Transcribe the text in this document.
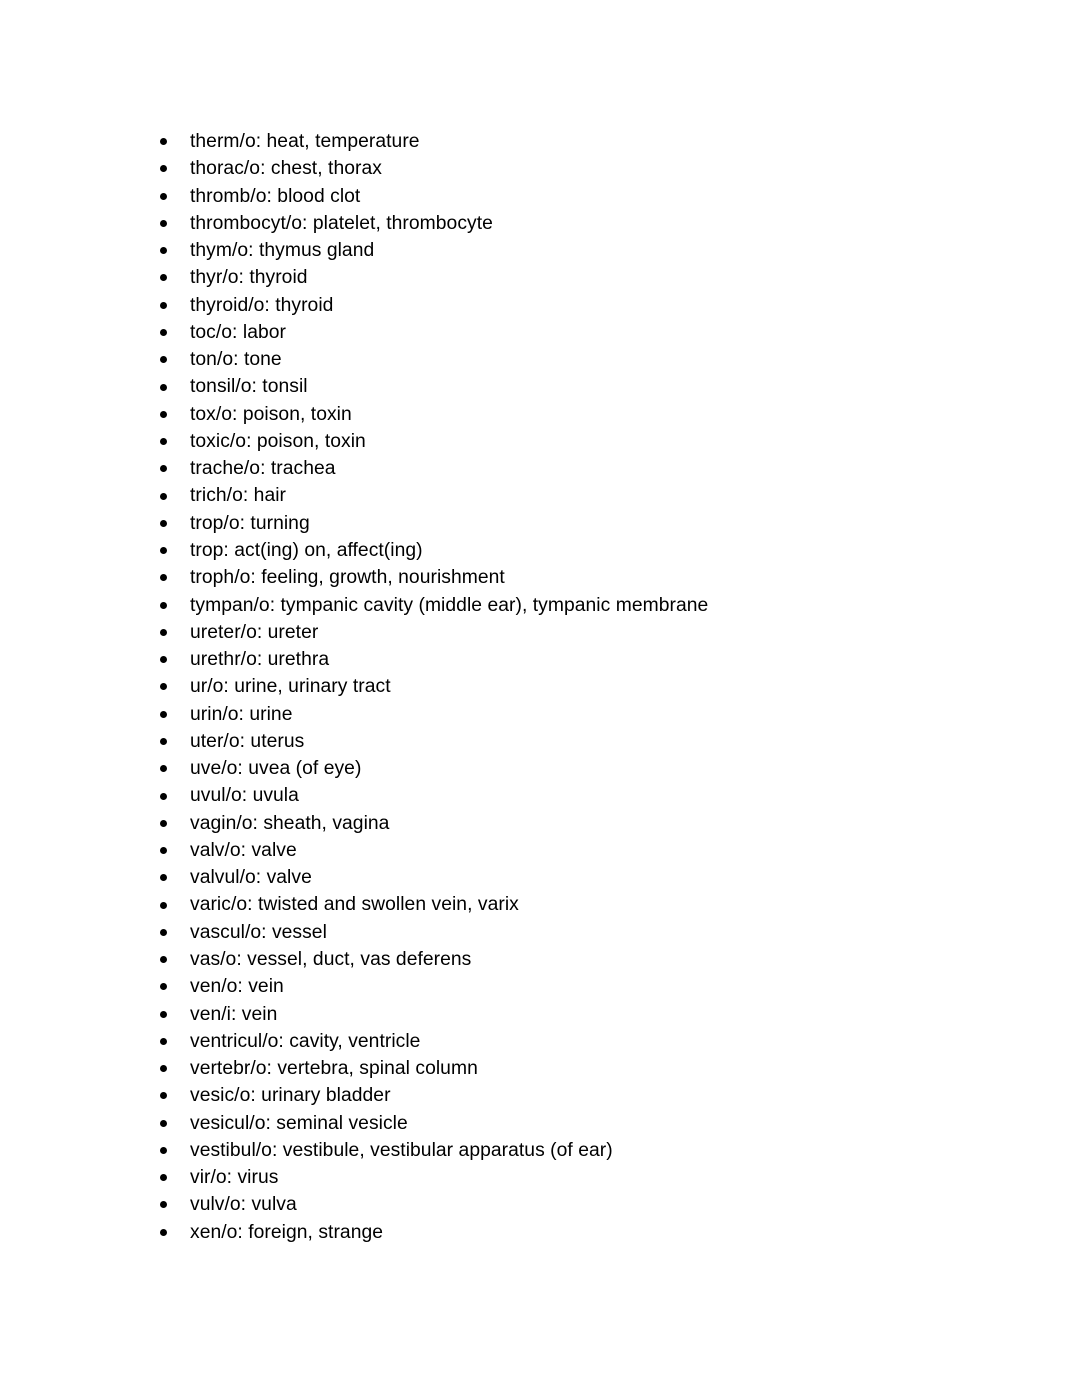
therm/o: heat, temperature
thorac/o: chest, thorax
thromb/o: blood clot
thrombocyt/o: platelet, thrombocyte
thym/o: thymus gland
thyr/o: thyroid
thyroid/o: thyroid
toc/o: labor
ton/o: tone
tonsil/o: tonsil
tox/o: poison, toxin
toxic/o: poison, toxin
trache/o: trachea
trich/o: hair
trop/o: turning
trop: act(ing) on, affect(ing)
troph/o: feeling, growth, nourishment
tympan/o: tympanic cavity (middle ear), tympanic membrane
ureter/o: ureter
urethr/o: urethra
ur/o: urine, urinary tract
urin/o: urine
uter/o: uterus
uve/o: uvea (of eye)
uvul/o: uvula
vagin/o: sheath, vagina
valv/o: valve
valvul/o: valve
varic/o: twisted and swollen vein, varix
vascul/o: vessel
vas/o: vessel, duct, vas deferens
ven/o: vein
ven/i: vein
ventricul/o: cavity, ventricle
vertebr/o: vertebra, spinal column
vesic/o: urinary bladder
vesicul/o: seminal vesicle
vestibul/o: vestibule, vestibular apparatus (of ear)
vir/o: virus
vulv/o: vulva
xen/o: foreign, strange
